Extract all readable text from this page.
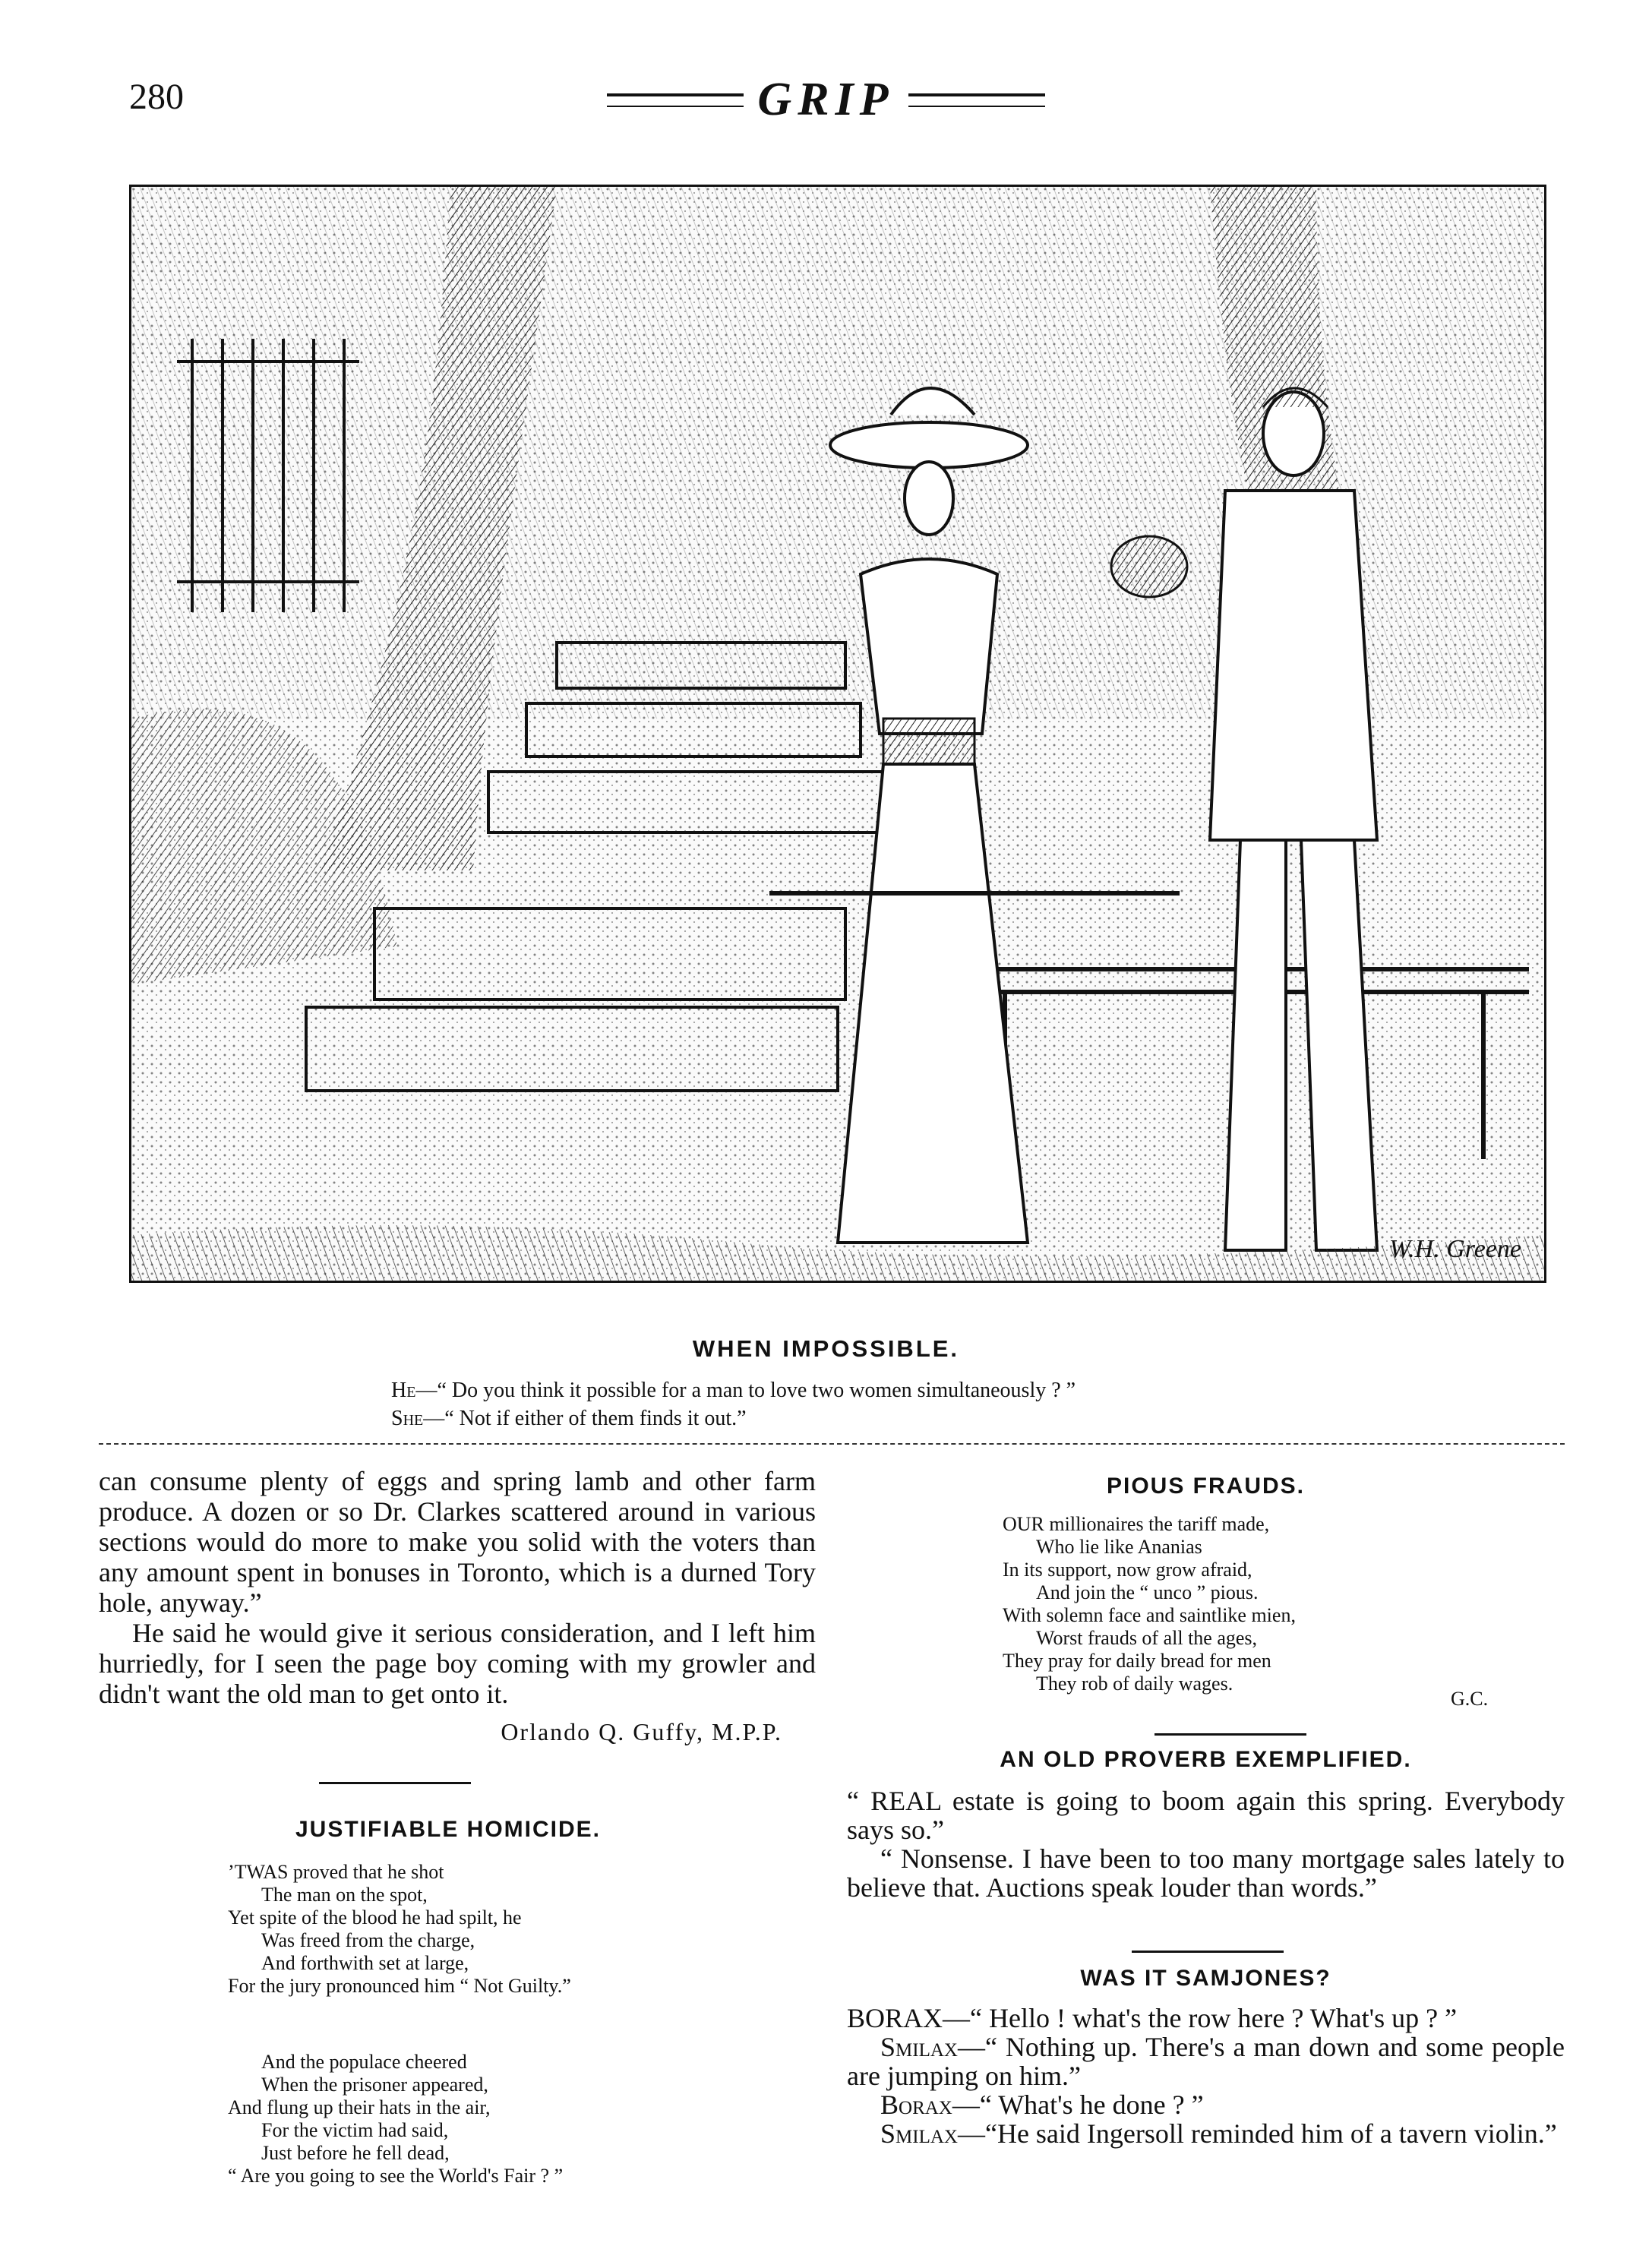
280	GRIP
W.H. Greene
WHEN IMPOSSIBLE.
He—“ Do you think it possible for a man to love two women simultaneously ? ”
She—“ Not if either of them finds it out.”

can consume plenty of eggs and spring lamb and other farm produce. A dozen or so Dr. Clarkes scattered around in various sections would do more to make you solid with the voters than any amount spent in bonuses in Toronto, which is a durned Tory hole, anyway.”

He said he would give it serious consideration, and I left him hurriedly, for I seen the page boy coming with my growler and didn't want the old man to get onto it.

Orlando Q. Guffy, M.P.P.
JUSTIFIABLE HOMICIDE.
’TWAS proved that he shot
The man on the spot,
Yet spite of the blood he had spilt, he
Was freed from the charge,
And forthwith set at large,
For the jury pronounced him “ Not Guilty.”
And the populace cheered
When the prisoner appeared,
And flung up their hats in the air,
For the victim had said,
Just before he fell dead,
“ Are you going to see the World's Fair ? ”
PIOUS FRAUDS.
OUR millionaires the tariff made,
Who lie like Ananias
In its support, now grow afraid,
And join the “ unco ” pious.
With solemn face and saintlike mien,
Worst frauds of all the ages,
They pray for daily bread for men
They rob of daily wages.
G.C.
AN OLD PROVERB EXEMPLIFIED.

“ REAL estate is going to boom again this spring. Everybody says so.”

“ Nonsense. I have been to too many mortgage sales lately to believe that. Auctions speak louder than words.”

WAS IT SAMJONES?

BORAX—“ Hello ! what's the row here ? What's up ? ”

Smilax—“ Nothing up. There's a man down and some people are jumping on him.”

Borax—“ What's he done ? ”

Smilax—“He said Ingersoll reminded him of a tavern violin.”
